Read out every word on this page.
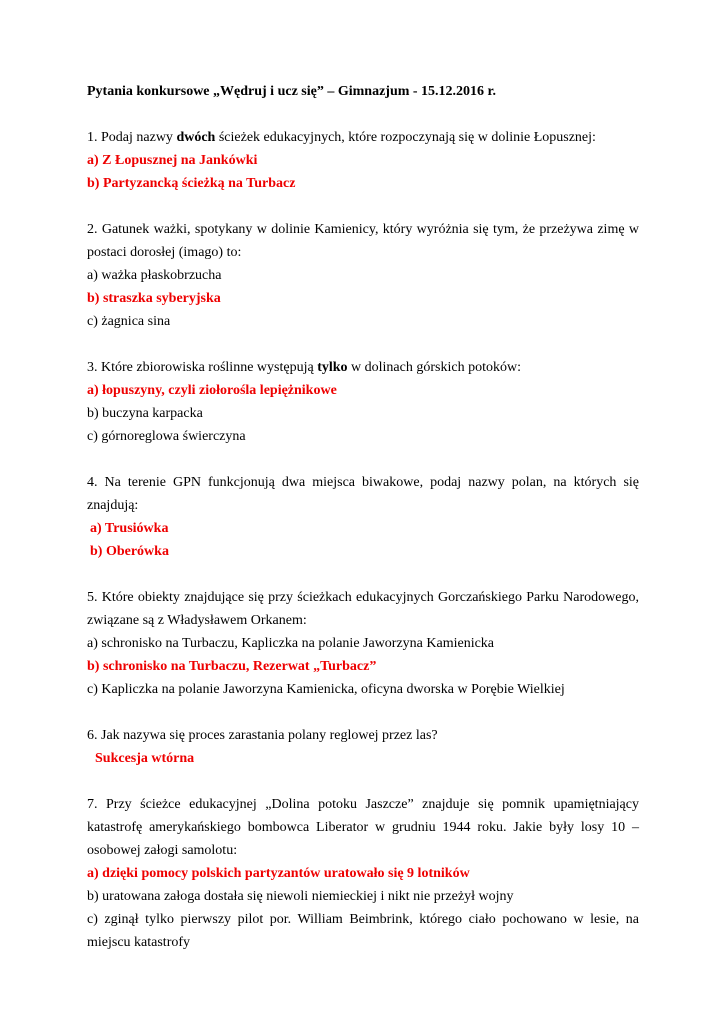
Pytania konkursowe „Wędruj i ucz się” – Gimnazjum - 15.12.2016 r.
1. Podaj nazwy dwóch ścieżek edukacyjnych, które rozpoczynają się w dolinie Łopusznej:
a) Z Łopusznej na Jankówki
b) Partyzancką ścieżką na Turbacz
2. Gatunek ważki, spotykany w dolinie Kamienicy, który wyróżnia się tym, że przeżywa zimę w postaci dorosłej (imago) to:
a) ważka płaskobrzucha
b) straszka syberyjska
c) żagnica sina
3. Które zbiorowiska roślinne występują tylko w dolinach górskich potoków:
a) łopuszyny, czyli ziołorośla lepiężnikowe
b) buczyna karpacka
c) górnoreglowa świerczyna
4. Na terenie GPN funkcjonują dwa miejsca biwakowe, podaj nazwy polan, na których się znajdują:
a) Trusiówka
b) Oberówka
5. Które obiekty znajdujące się przy ścieżkach edukacyjnych Gorczańskiego Parku Narodowego, związane są z Władysławem Orkanem:
a) schronisko na Turbaczu, Kapliczka na polanie Jaworzyna Kamienicka
b) schronisko na Turbaczu, Rezerwat „Turbacz”
c) Kapliczka na polanie Jaworzyna Kamienicka, oficyna dworska w Porębie Wielkiej
6. Jak nazywa się proces zarastania polany reglowej przez las?
Sukcesja wtórna
7. Przy ścieżce edukacyjnej „Dolina potoku Jaszcze” znajduje się pomnik upamiętniający katastrofę amerykańskiego bombowca Liberator w grudniu 1944 roku. Jakie były losy 10 – osobowej załogi samolotu:
a) dzięki pomocy polskich partyzantów uratowało się 9 lotników
b) uratowana załoga dostała się niewoli niemieckiej i nikt nie przeżył wojny
c) zginął tylko pierwszy pilot por. William Beimbrink, którego ciało pochowano w lesie, na miejscu katastrofy
